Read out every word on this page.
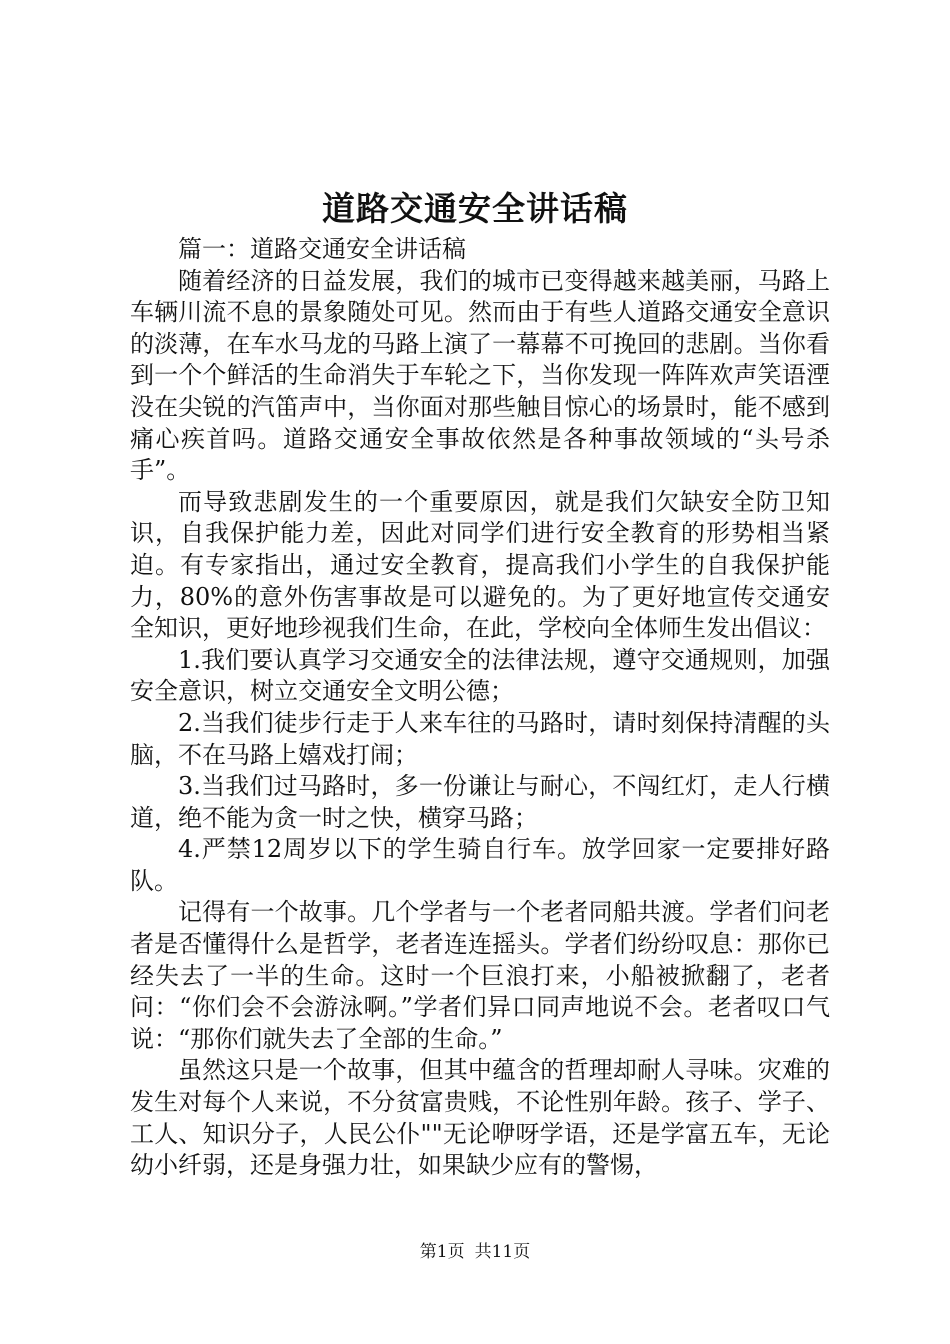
道路交通安全讲话稿

篇一：道路交通安全讲话稿

随着经济的日益发展，我们的城市已变得越来越美丽，马路上车辆川流不息的景象随处可见。然而由于有些人道路交通安全意识的淡薄，在车水马龙的马路上演了一幕幕不可挽回的悲剧。当你看到一个个鲜活的生命消失于车轮之下，当你发现一阵阵欢声笑语湮没在尖锐的汽笛声中，当你面对那些触目惊心的场景时，能不感到痛心疾首吗。道路交通安全事故依然是各种事故领域的“头号杀手”。

而导致悲剧发生的一个重要原因，就是我们欠缺安全防卫知识，自我保护能力差，因此对同学们进行安全教育的形势相当紧迫。有专家指出，通过安全教育，提高我们小学生的自我保护能力，80%的意外伤害事故是可以避免的。为了更好地宣传交通安全知识，更好地珍视我们生命，在此，学校向全体师生发出倡议：

1.我们要认真学习交通安全的法律法规，遵守交通规则，加强安全意识，树立交通安全文明公德；

2.当我们徒步行走于人来车往的马路时，请时刻保持清醒的头脑，不在马路上嬉戏打闹；

3.当我们过马路时，多一份谦让与耐心，不闯红灯，走人行横道，绝不能为贪一时之快，横穿马路；

4.严禁12周岁以下的学生骑自行车。放学回家一定要排好路队。

记得有一个故事。几个学者与一个老者同船共渡。学者们问老者是否懂得什么是哲学，老者连连摇头。学者们纷纷叹息：那你已经失去了一半的生命。这时一个巨浪打来，小船被掀翻了，老者问：“你们会不会游泳啊。”学者们异口同声地说不会。老者叹口气说：“那你们就失去了全部的生命。”

虽然这只是一个故事，但其中蕴含的哲理却耐人寻味。灾难的发生对每个人来说，不分贫富贵贱，不论性别年龄。孩子、学子、工人、知识分子，人民公仆""无论咿呀学语，还是学富五车，无论幼小纤弱，还是身强力壮，如果缺少应有的警惕，

第1页 共11页
